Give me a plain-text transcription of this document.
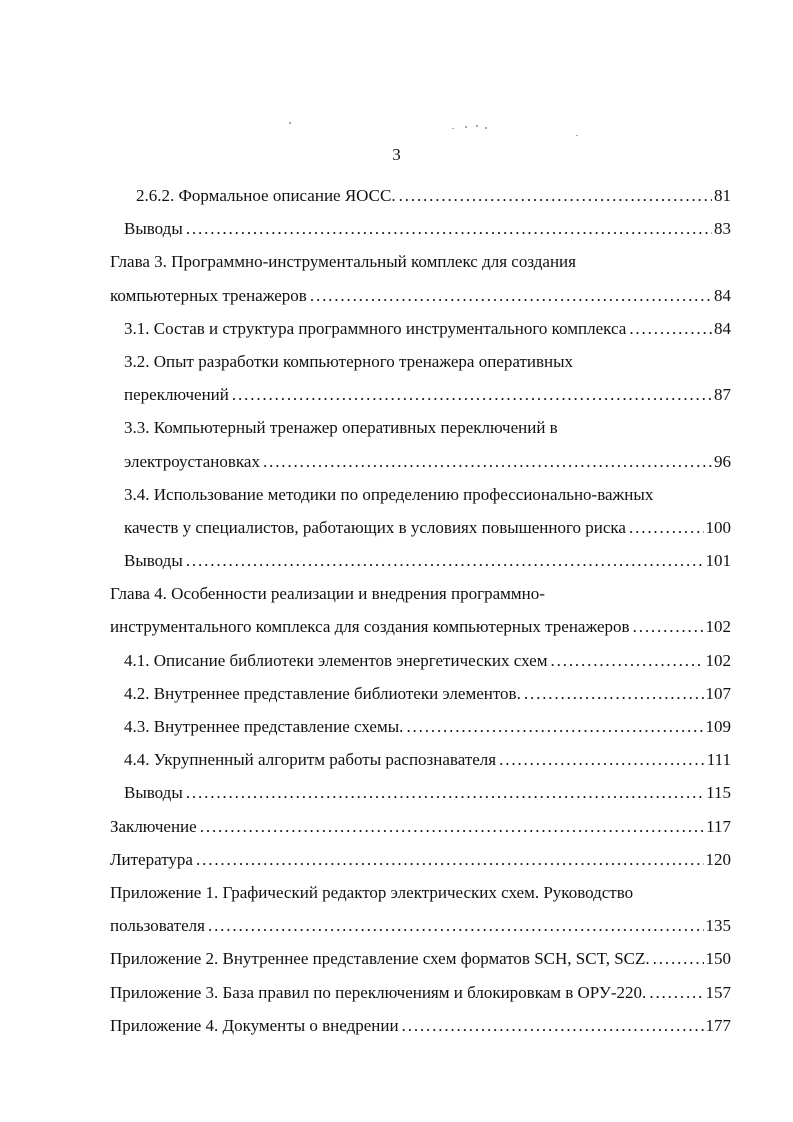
3
2.6.2. Формальное описание ЯОСС. . . .	81
Выводы . . .	83
Глава 3. Программно-инструментальный комплекс для создания
компьютерных тренажеров . . .	84
3.1. Состав и структура программного инструментального комплекса . . .	84
3.2. Опыт разработки компьютерного тренажера оперативных
переключений . . .	87
3.3. Компьютерный тренажер оперативных переключений в
электроустановках . . .	96
3.4. Использование методики по определению профессионально-важных
качеств у специалистов, работающих в условиях повышенного риска . . .	100
Выводы . . .	101
Глава 4. Особенности реализации и внедрения программно-
инструментального комплекса для создания компьютерных тренажеров . . .	102
4.1. Описание библиотеки элементов энергетических схем . . .	102
4.2. Внутреннее представление библиотеки элементов. . . .	107
4.3. Внутреннее представление схемы. . . .	109
4.4. Укрупненный алгоритм работы распознавателя . . .	111
Выводы . . .	115
Заключение . . .	117
Литература . . .	120
Приложение 1. Графический редактор электрических схем. Руководство
пользователя . . .	135
Приложение 2. Внутреннее представление схем форматов SCH, SCT, SCZ. . . .	150
Приложение 3. База правил по переключениям и блокировкам в ОРУ-220. . . .	157
Приложение 4. Документы о внедрении . . .	177
